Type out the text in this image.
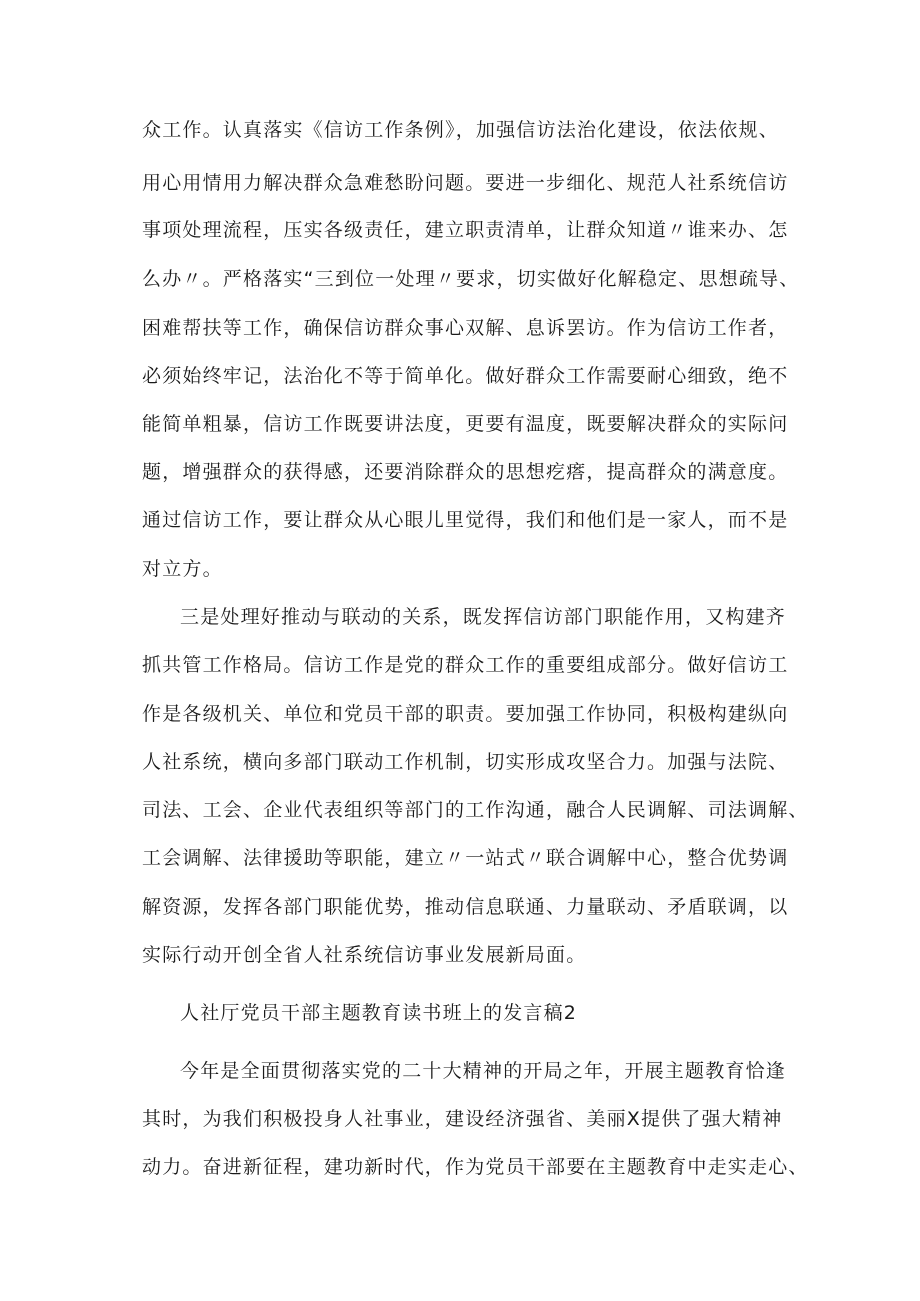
众工作。认真落实《信访工作条例》，加强信访法治化建设，依法依规、
用心用情用力解决群众急难愁盼问题。要进一步细化、规范人社系统信访
事项处理流程，压实各级责任，建立职责清单，让群众知道〃谁来办、怎
么办〃。严格落实“三到位一处理〃要求，切实做好化解稳定、思想疏导、
困难帮扶等工作，确保信访群众事心双解、息诉罢访。作为信访工作者，
必须始终牢记，法治化不等于简单化。做好群众工作需要耐心细致，绝不
能简单粗暴，信访工作既要讲法度，更要有温度，既要解决群众的实际问
题，增强群众的获得感，还要消除群众的思想疙瘩，提高群众的满意度。
通过信访工作，要让群众从心眼儿里觉得，我们和他们是一家人，而不是
对立方。
三是处理好推动与联动的关系，既发挥信访部门职能作用，又构建齐
抓共管工作格局。信访工作是党的群众工作的重要组成部分。做好信访工
作是各级机关、单位和党员干部的职责。要加强工作协同，积极构建纵向
人社系统，横向多部门联动工作机制，切实形成攻坚合力。加强与法院、
司法、工会、企业代表组织等部门的工作沟通，融合人民调解、司法调解、
工会调解、法律援助等职能，建立〃一站式〃联合调解中心，整合优势调
解资源，发挥各部门职能优势，推动信息联通、力量联动、矛盾联调，以
实际行动开创全省人社系统信访事业发展新局面。
人社厅党员干部主题教育读书班上的发言稿2
今年是全面贯彻落实党的二十大精神的开局之年，开展主题教育恰逢
其时，为我们积极投身人社事业，建设经济强省、美丽X提供了强大精神
动力。奋进新征程，建功新时代，作为党员干部要在主题教育中走实走心、
